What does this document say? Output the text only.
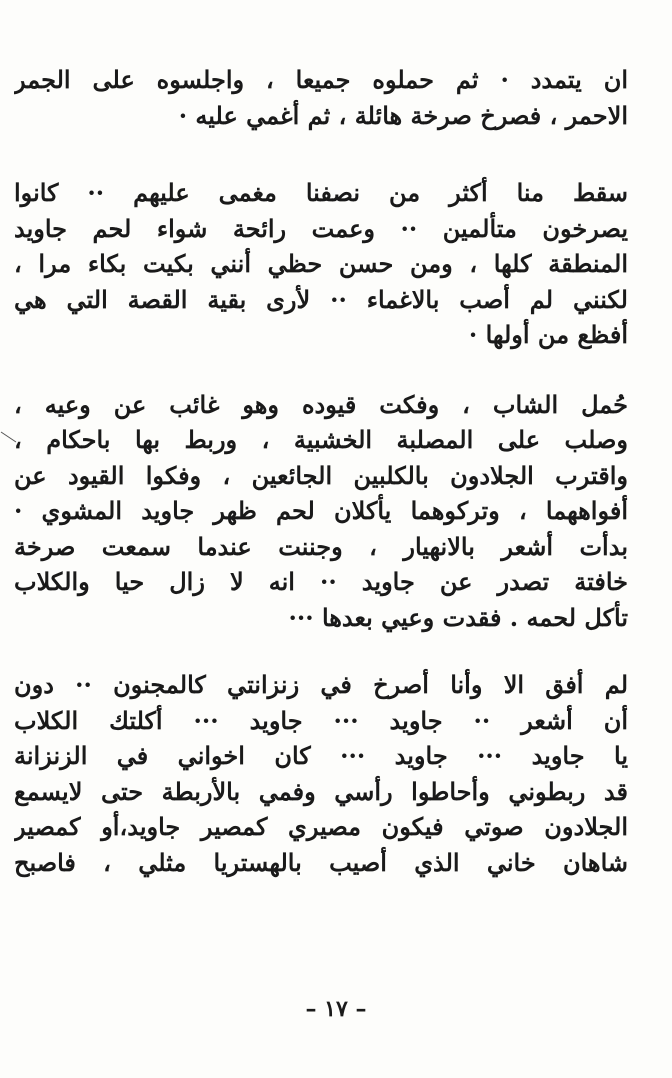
ان يتمدد · ثم حملوه جميعا ، واجلسوه على الجمر
الاحمر ، فصرخ صرخة هائلة ، ثم أغمي عليه ·
سقط منا أكثر من نصفنا مغمى عليهم ·· كانوا
يصرخون متألمين ·· وعمت رائحة شواء لحم جاويد
المنطقة كلها ، ومن حسن حظي أنني بكيت بكاء مرا ،
لكنني لم أصب بالاغماء ·· لأرى بقية القصة التي هي
أفظع من أولها ·
حُمل الشاب ، وفكت قيوده وهو غائب عن وعيه ،
وصلب على المصلبة الخشبية ، وربط بها باحكام ،
واقترب الجلادون بالكلبين الجائعين ، وفكوا القيود عن
أفواههما ، وتركوهما يأكلان لحم ظهر جاويد المشوي ·
بدأت أشعر بالانهيار ، وجننت عندما سمعت صرخة
خافتة تصدر عن جاويد ·· انه لا زال حيا والكلاب
تأكل لحمه . فقدت وعيي بعدها ···
لم أفق الا وأنا أصرخ في زنزانتي كالمجنون ·· دون
أن أشعر ·· جاويد ··· جاويد ··· أكلتك الكلاب
يا جاويد ··· جاويد ··· كان اخواني في الزنزانة
قد ربطوني وأحاطوا رأسي وفمي بالأربطة حتى لايسمع
الجلادون صوتي فيكون مصيري كمصير جاويد،أو كمصير
شاهان خاني الذي أصيب بالهستريا مثلي ، فاصبح
– ١٧ –
